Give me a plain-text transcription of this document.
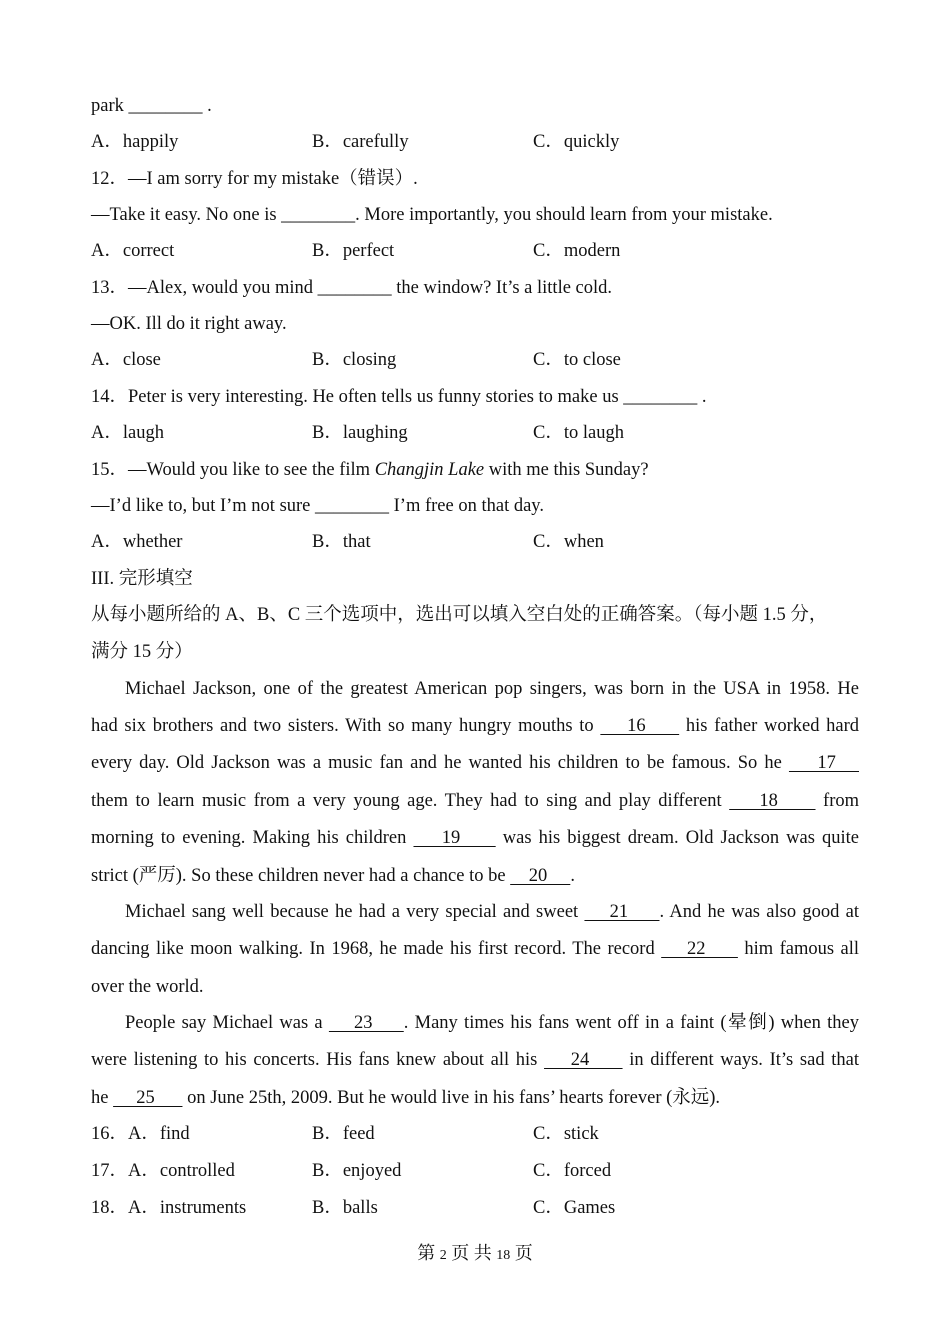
park ________ .
A．happily	B．carefully	C．quickly
12．—I am sorry for my mistake（错误）.
—Take it easy. No one is ________. More importantly, you should learn from your mistake.
A．correct	B．perfect	C．modern
13．—Alex, would you mind ________ the window? It’s a little cold.
—OK. Ill do it right away.
A．close	B．closing	C．to close
14．Peter is very interesting. He often tells us funny stories to make us ________ .
A．laugh	B．laughing	C．to laugh
15．—Would you like to see the film Changjin Lake with me this Sunday?
—I’d like to, but I’m not sure ________ I’m free on that day.
A．whether	B．that	C．when
III. 完形填空
从每小题所给的 A、B、C 三个选项中，选出可以填入空白处的正确答案。（每小题 1.5 分，
满分 15 分）
Michael Jackson, one of the greatest American pop singers, was born in the USA in 1958. He
had six brothers and two sisters. With so many hungry mouths to     16      his father worked hard
every day. Old Jackson was a music fan and he wanted his children to be famous. So he     17
them to learn music from a very young age. They had to sing and play different     18      from
morning to evening. Making his children     19      was his biggest dream. Old Jackson was quite
strict (严厉). So these children never had a chance to be     20     .
Michael sang well because he had a very special and sweet     21     . And he was also good at
dancing like moon walking. In 1968, he made his first record. The record     22      him famous all
over the world.
People say Michael was a     23     . Many times his fans went off in a faint (晕倒) when they
were listening to his concerts. His fans knew about all his     24      in different ways. It’s sad that
he      25       on June 25th, 2009. But he would live in his fans’ hearts forever (永远).
16．A．find	B．feed	C．stick
17．A．controlled	B．enjoyed	C．forced
18．A．instruments	B．balls	C．Games
第 2 页 共 18 页
